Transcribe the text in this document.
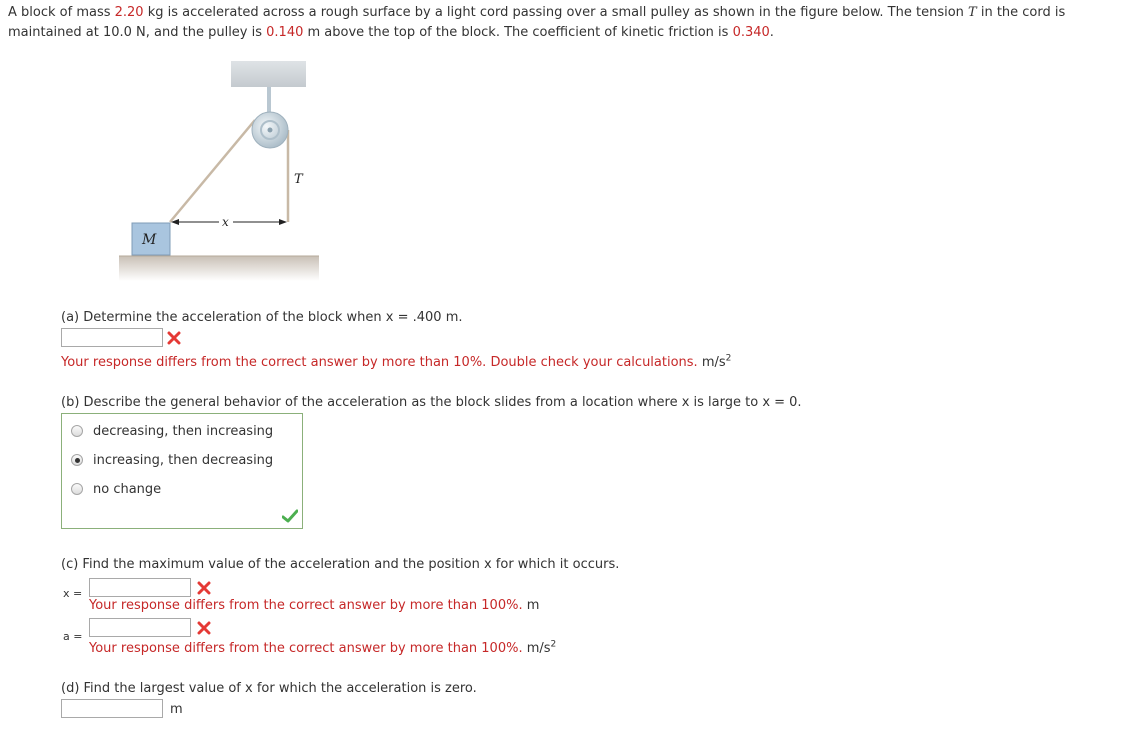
A block of mass 2.20 kg is accelerated across a rough surface by a light cord passing over a small pulley as shown in the figure below. The tension T in the cord is maintained at 10.0 N, and the pulley is 0.140 m above the top of the block. The coefficient of kinetic friction is 0.340.
T
x
M
(a) Determine the acceleration of the block when x = .400 m.
Your response differs from the correct answer by more than 10%. Double check your calculations. $m/s^2$
(b) Describe the general behavior of the acceleration as the block slides from a location where x is large to x = 0.
decreasing, then increasing
increasing, then decreasing
no change
(c) Find the maximum value of the acceleration and the position x for which it occurs.
x =
Your response differs from the correct answer by more than 100%. m
a =
Your response differs from the correct answer by more than 100%. $m/s^2$
(d) Find the largest value of x for which the acceleration is zero.
m
